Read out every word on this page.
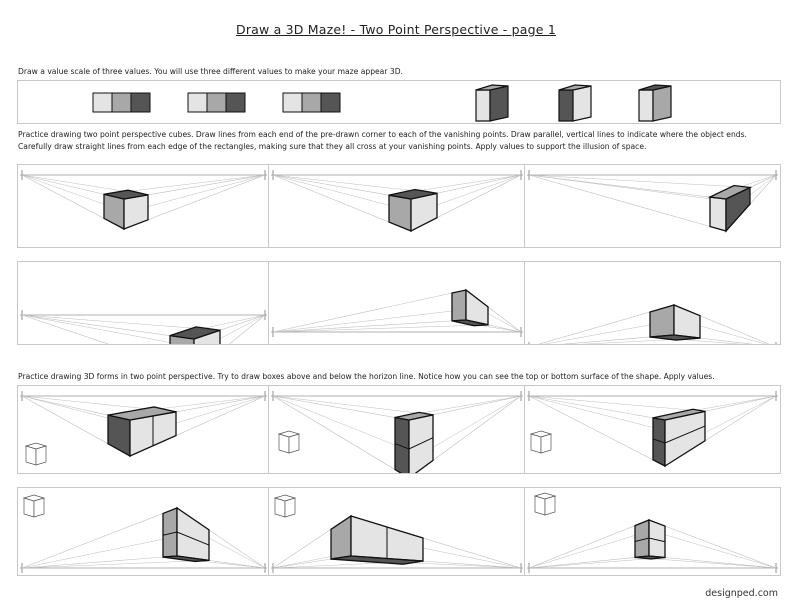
Draw a 3D Maze! - Two Point Perspective - page 1
Draw a value scale of three values. You will use three different values to make your maze appear 3D.
Practice drawing two point perspective cubes. Draw lines from each end of the pre-drawn corner to each of the vanishing points. Draw parallel, vertical lines to indicate where the object ends.
Carefully draw straight lines from each edge of the rectangles, making sure that they all cross at your vanishing points. Apply values to support the illusion of space.
Practice drawing 3D forms in two point perspective. Try to draw boxes above and below the horizon line. Notice how you can see the top or bottom surface of the shape. Apply values.
designped.com
